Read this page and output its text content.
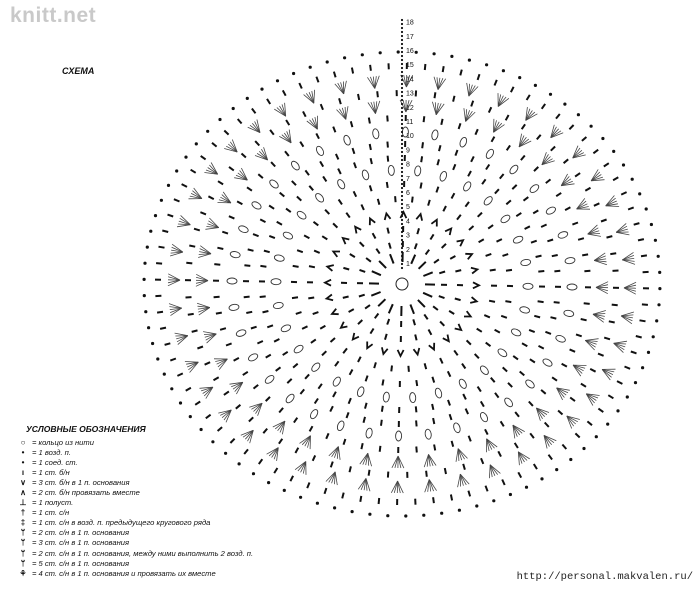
knitt.net
СХЕМА
18
17
16
15
14
13
12
11
10
9
8
7
6
5
4
3
2
1
УСЛОВНЫЕ ОБОЗНАЧЕНИЯ
○ = кольцо из нити
• = 1 возд. п.
• = 1 соед. ст.
ı	= 1 ст. б/н
∨ = 3 ст. б/н в 1 п. основания
∧ = 2 ст. б/н провязать вместе
⊥ = 1 полуст.
† = 1 ст. с/н
‡ = 1 ст. с/н в возд. п. предыдущего кругового ряда
ᛘ = 2 ст. с/н в 1 п. основания
ᛘ = 3 ст. с/н в 1 п. основания
ᛘ = 2 ст. с/н в 1 п. основания, между ними выполнить 2 возд. п.
ᛘ = 5 ст. с/н в 1 п. основания
⚘ = 4 ст. с/н в 1 п. основания и провязать их вместе	http://personal.makvalen.ru/
